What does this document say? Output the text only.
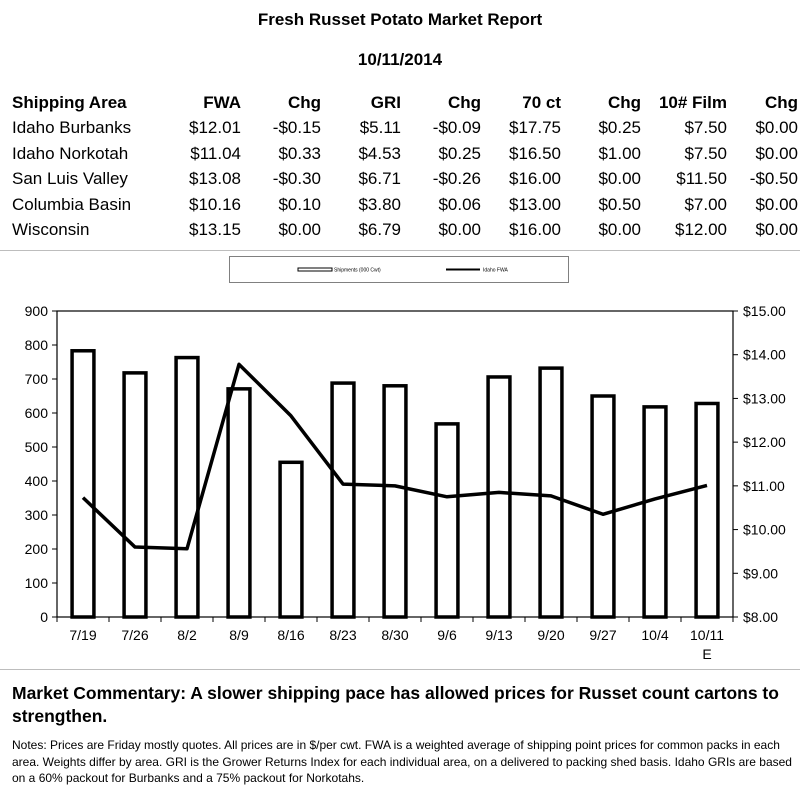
Fresh Russet Potato Market Report
10/11/2014
Shipping Area	FWA	Chg	GRI	Chg	70 ct	Chg	10# Film	Chg
Idaho Burbanks	$12.01	-$0.15	$5.11	-$0.09	$17.75	$0.25	$7.50	$0.00
Idaho Norkotah	$11.04	$0.33	$4.53	$0.25	$16.50	$1.00	$7.50	$0.00
San Luis Valley	$13.08	-$0.30	$6.71	-$0.26	$16.00	$0.00	$11.50	-$0.50
Columbia Basin	$10.16	$0.10	$3.80	$0.06	$13.00	$0.50	$7.00	$0.00
Wisconsin	$13.15	$0.00	$6.79	$0.00	$16.00	$0.00	$12.00	$0.00
Shipments (000 Cwt)	Idaho FWA
0
100
200
300
400
500
600
700
800
900
$8.00
$9.00
$10.00
$11.00
$12.00
$13.00
$14.00
$15.00
7/19 7/26 8/2 8/9 8/16 8/23 8/30 9/6 9/13 9/20 9/27 10/4 10/11
E
Market Commentary: A slower shipping pace has allowed prices for Russet count cartons to strengthen.
Notes: Prices are Friday mostly quotes. All prices are in $/per cwt. FWA is a weighted average of shipping point prices for common packs in each area. Weights differ by area. GRI is the Grower Returns Index for each individual area, on a delivered to packing shed basis. Idaho GRIs are based on a 60% packout for Burbanks and a 75% packout for Norkotahs.
